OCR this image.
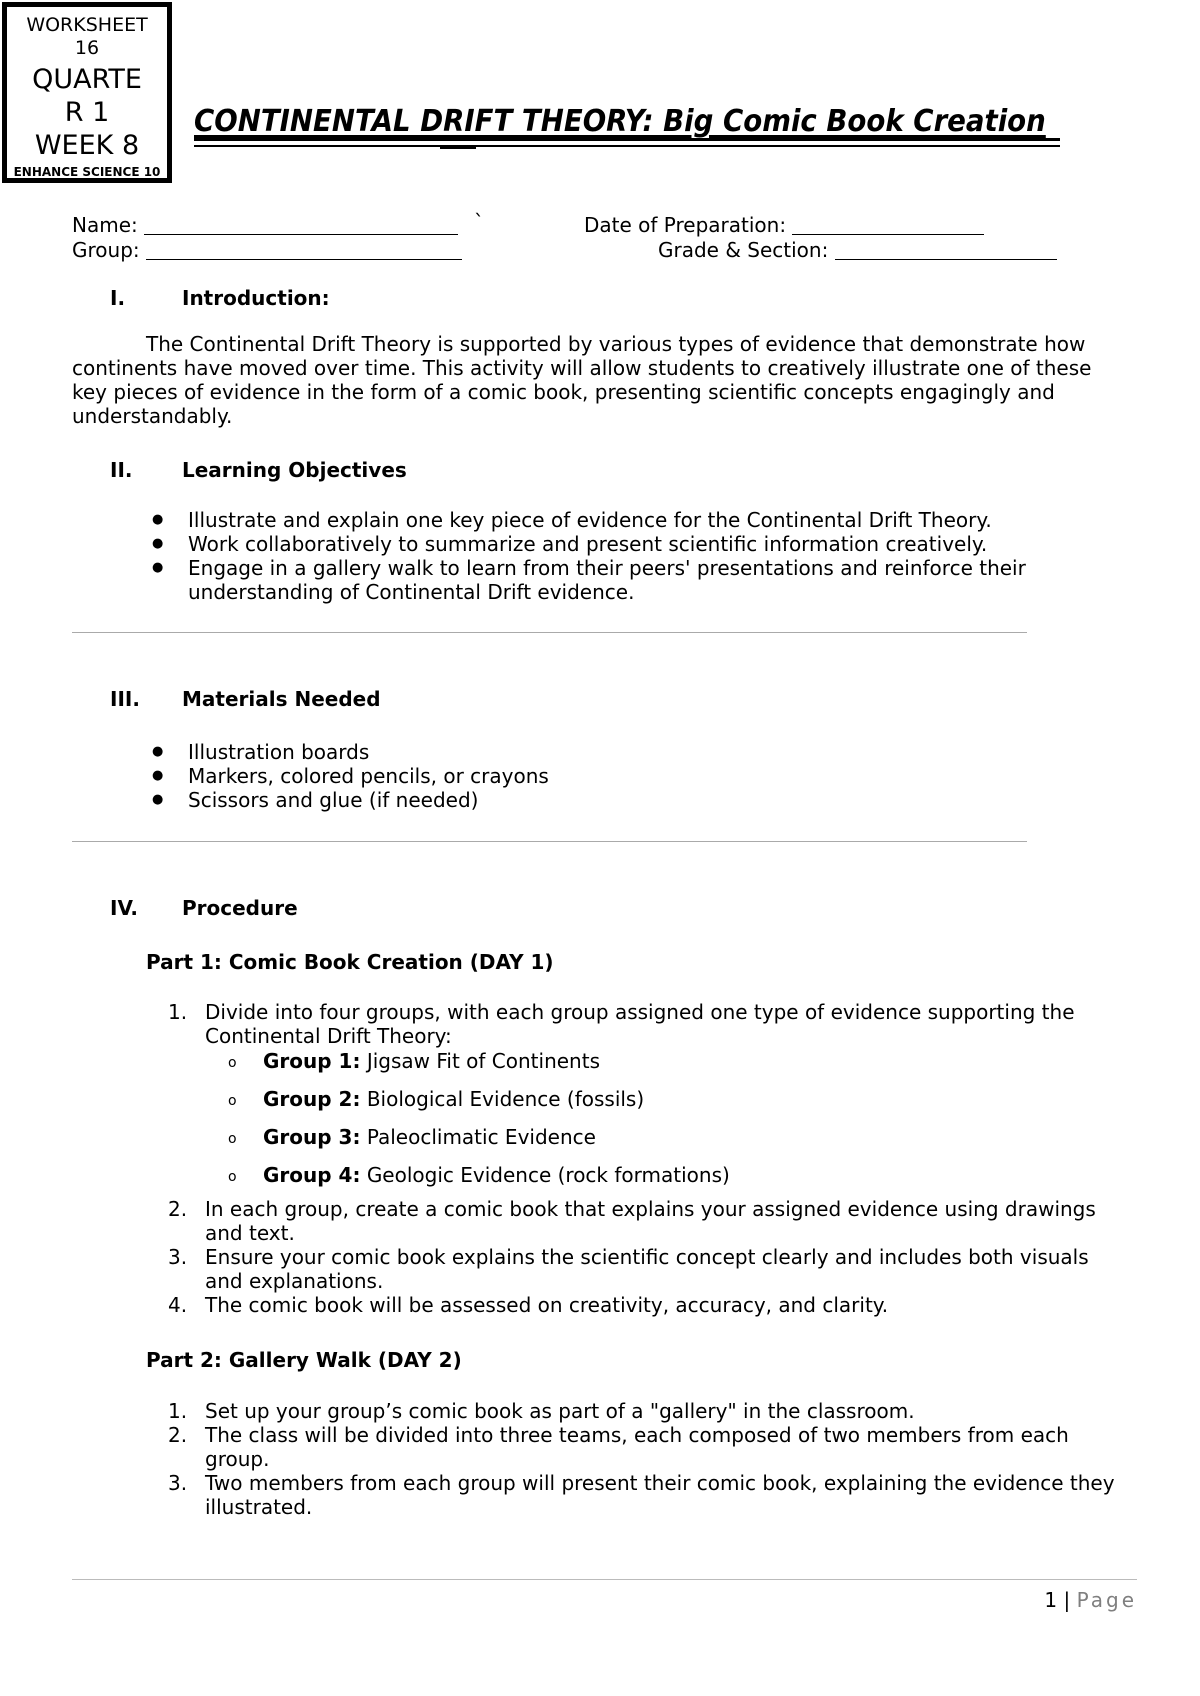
WORKSHEET
16
QUARTE
R 1
WEEK 8
ENHANCE SCIENCE 10
CONTINENTAL DRIFT THEORY: Big Comic Book Creation
Name:	`	Date of Preparation:
Group:	Grade & Section:
I.	Introduction:
The Continental Drift Theory is supported by various types of evidence that demonstrate how continents have moved over time. This activity will allow students to creatively illustrate one of these key pieces of evidence in the form of a comic book, presenting scientific concepts engagingly and understandably.
II. Learning Objectives
● Illustrate and explain one key piece of evidence for the Continental Drift Theory.
● Work collaboratively to summarize and present scientific information creatively.
● Engage in a gallery walk to learn from their peers' presentations and reinforce their understanding of Continental Drift evidence.
III. Materials Needed
● Illustration boards
● Markers, colored pencils, or crayons
● Scissors and glue (if needed)
IV. Procedure
Part 1: Comic Book Creation (DAY 1)
1. Divide into four groups, with each group assigned one type of evidence supporting the Continental Drift Theory:
o Group 1: Jigsaw Fit of Continents
o Group 2: Biological Evidence (fossils)
o Group 3: Paleoclimatic Evidence
o Group 4: Geologic Evidence (rock formations)
2. In each group, create a comic book that explains your assigned evidence using drawings and text.
3. Ensure your comic book explains the scientific concept clearly and includes both visuals and explanations.
4. The comic book will be assessed on creativity, accuracy, and clarity.
Part 2: Gallery Walk (DAY 2)
1. Set up your group’s comic book as part of a "gallery" in the classroom.
2. The class will be divided into three teams, each composed of two members from each group.
3. Two members from each group will present their comic book, explaining the evidence they illustrated.
1 | Page
